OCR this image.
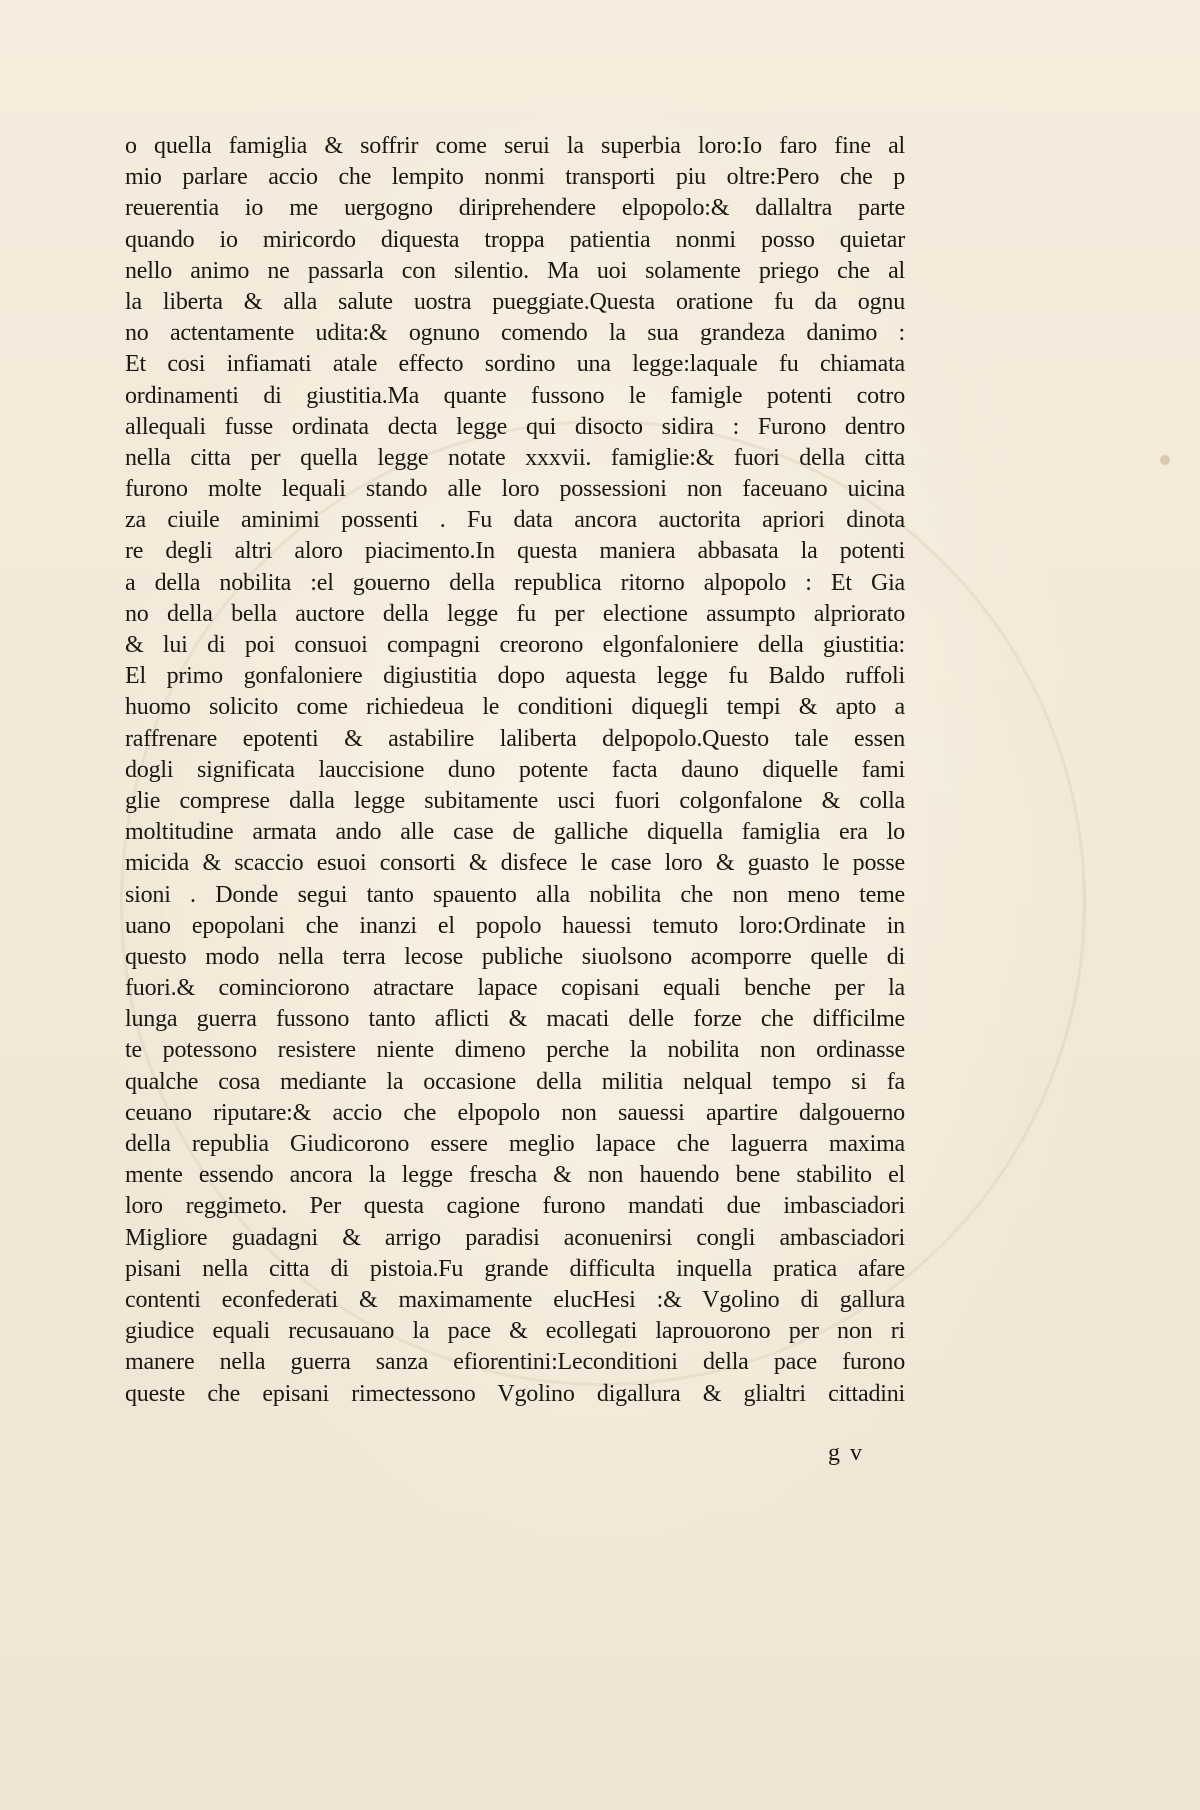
o quella famiglia & soffrir come serui la superbia loro:Io faro fine al
mio parlare accio che lempito nonmi transporti piu oltre:Pero che p
reuerentia io me uergogno diriprehendere elpopolo:& dallaltra parte
quando io miricordo diquesta troppa patientia nonmi posso quietar
nello animo ne passarla con silentio. Ma uoi solamente priego che al
la liberta & alla salute uostra pueggiate.Questa oratione fu da ognu
no actentamente udita:& ognuno comendo la sua grandeza danimo :
Et cosi infiamati atale effecto sordino una legge:laquale fu chiamata
ordinamenti di giustitia.Ma quante fussono le famigle potenti cotro
allequali fusse ordinata decta legge qui disocto sidira : Furono dentro
nella citta per quella legge notate xxxvii. famiglie:& fuori della citta
furono molte lequali stando alle loro possessioni non faceuano uicina
za ciuile aminimi possenti . Fu data ancora auctorita apriori dinota
re degli altri aloro piacimento.In questa maniera abbasata la potenti
a della nobilita :el gouerno della republica ritorno alpopolo : Et Gia
no della bella auctore della legge fu per electione assumpto alpriorato
& lui di poi consuoi compagni creorono elgonfaloniere della giustitia:
El primo gonfaloniere digiustitia dopo aquesta legge fu Baldo ruffoli
huomo solicito come richiedeua le conditioni diquegli tempi & apto a
raffrenare epotenti & astabilire laliberta delpopolo.Questo tale essen
dogli significata lauccisione duno potente facta dauno diquelle fami
glie comprese dalla legge subitamente usci fuori colgonfalone & colla
moltitudine armata ando alle case de galliche diquella famiglia era lo
micida & scaccio esuoi consorti & disfece le case loro & guasto le posse
sioni . Donde segui tanto spauento alla nobilita che non meno teme
uano epopolani che inanzi el popolo hauessi temuto loro:Ordinate in
questo modo nella terra lecose publiche siuolsono acomporre quelle di
fuori.& cominciorono atractare lapace copisani equali benche per la
lunga guerra fussono tanto aflicti & macati delle forze che difficilme
te potessono resistere niente dimeno perche la nobilita non ordinasse
qualche cosa mediante la occasione della militia nelqual tempo si fa
ceuano riputare:& accio che elpopolo non sauessi apartire dalgouerno
della republia Giudicorono essere meglio lapace che laguerra maxima
mente essendo ancora la legge frescha & non hauendo bene stabilito el
loro reggimeto. Per questa cagione furono mandati due imbasciadori
Migliore guadagni & arrigo paradisi aconuenirsi congli ambasciadori
pisani nella citta di pistoia.Fu grande difficulta inquella pratica afare
contenti econfederati & maximamente elucHesi :& Vgolino di gallura
giudice equali recusauano la pace & ecollegati laprouorono per non ri
manere nella guerra sanza efiorentini:Leconditioni della pace furono
queste che episani rimectessono Vgolino digallura & glialtri cittadini
g v
